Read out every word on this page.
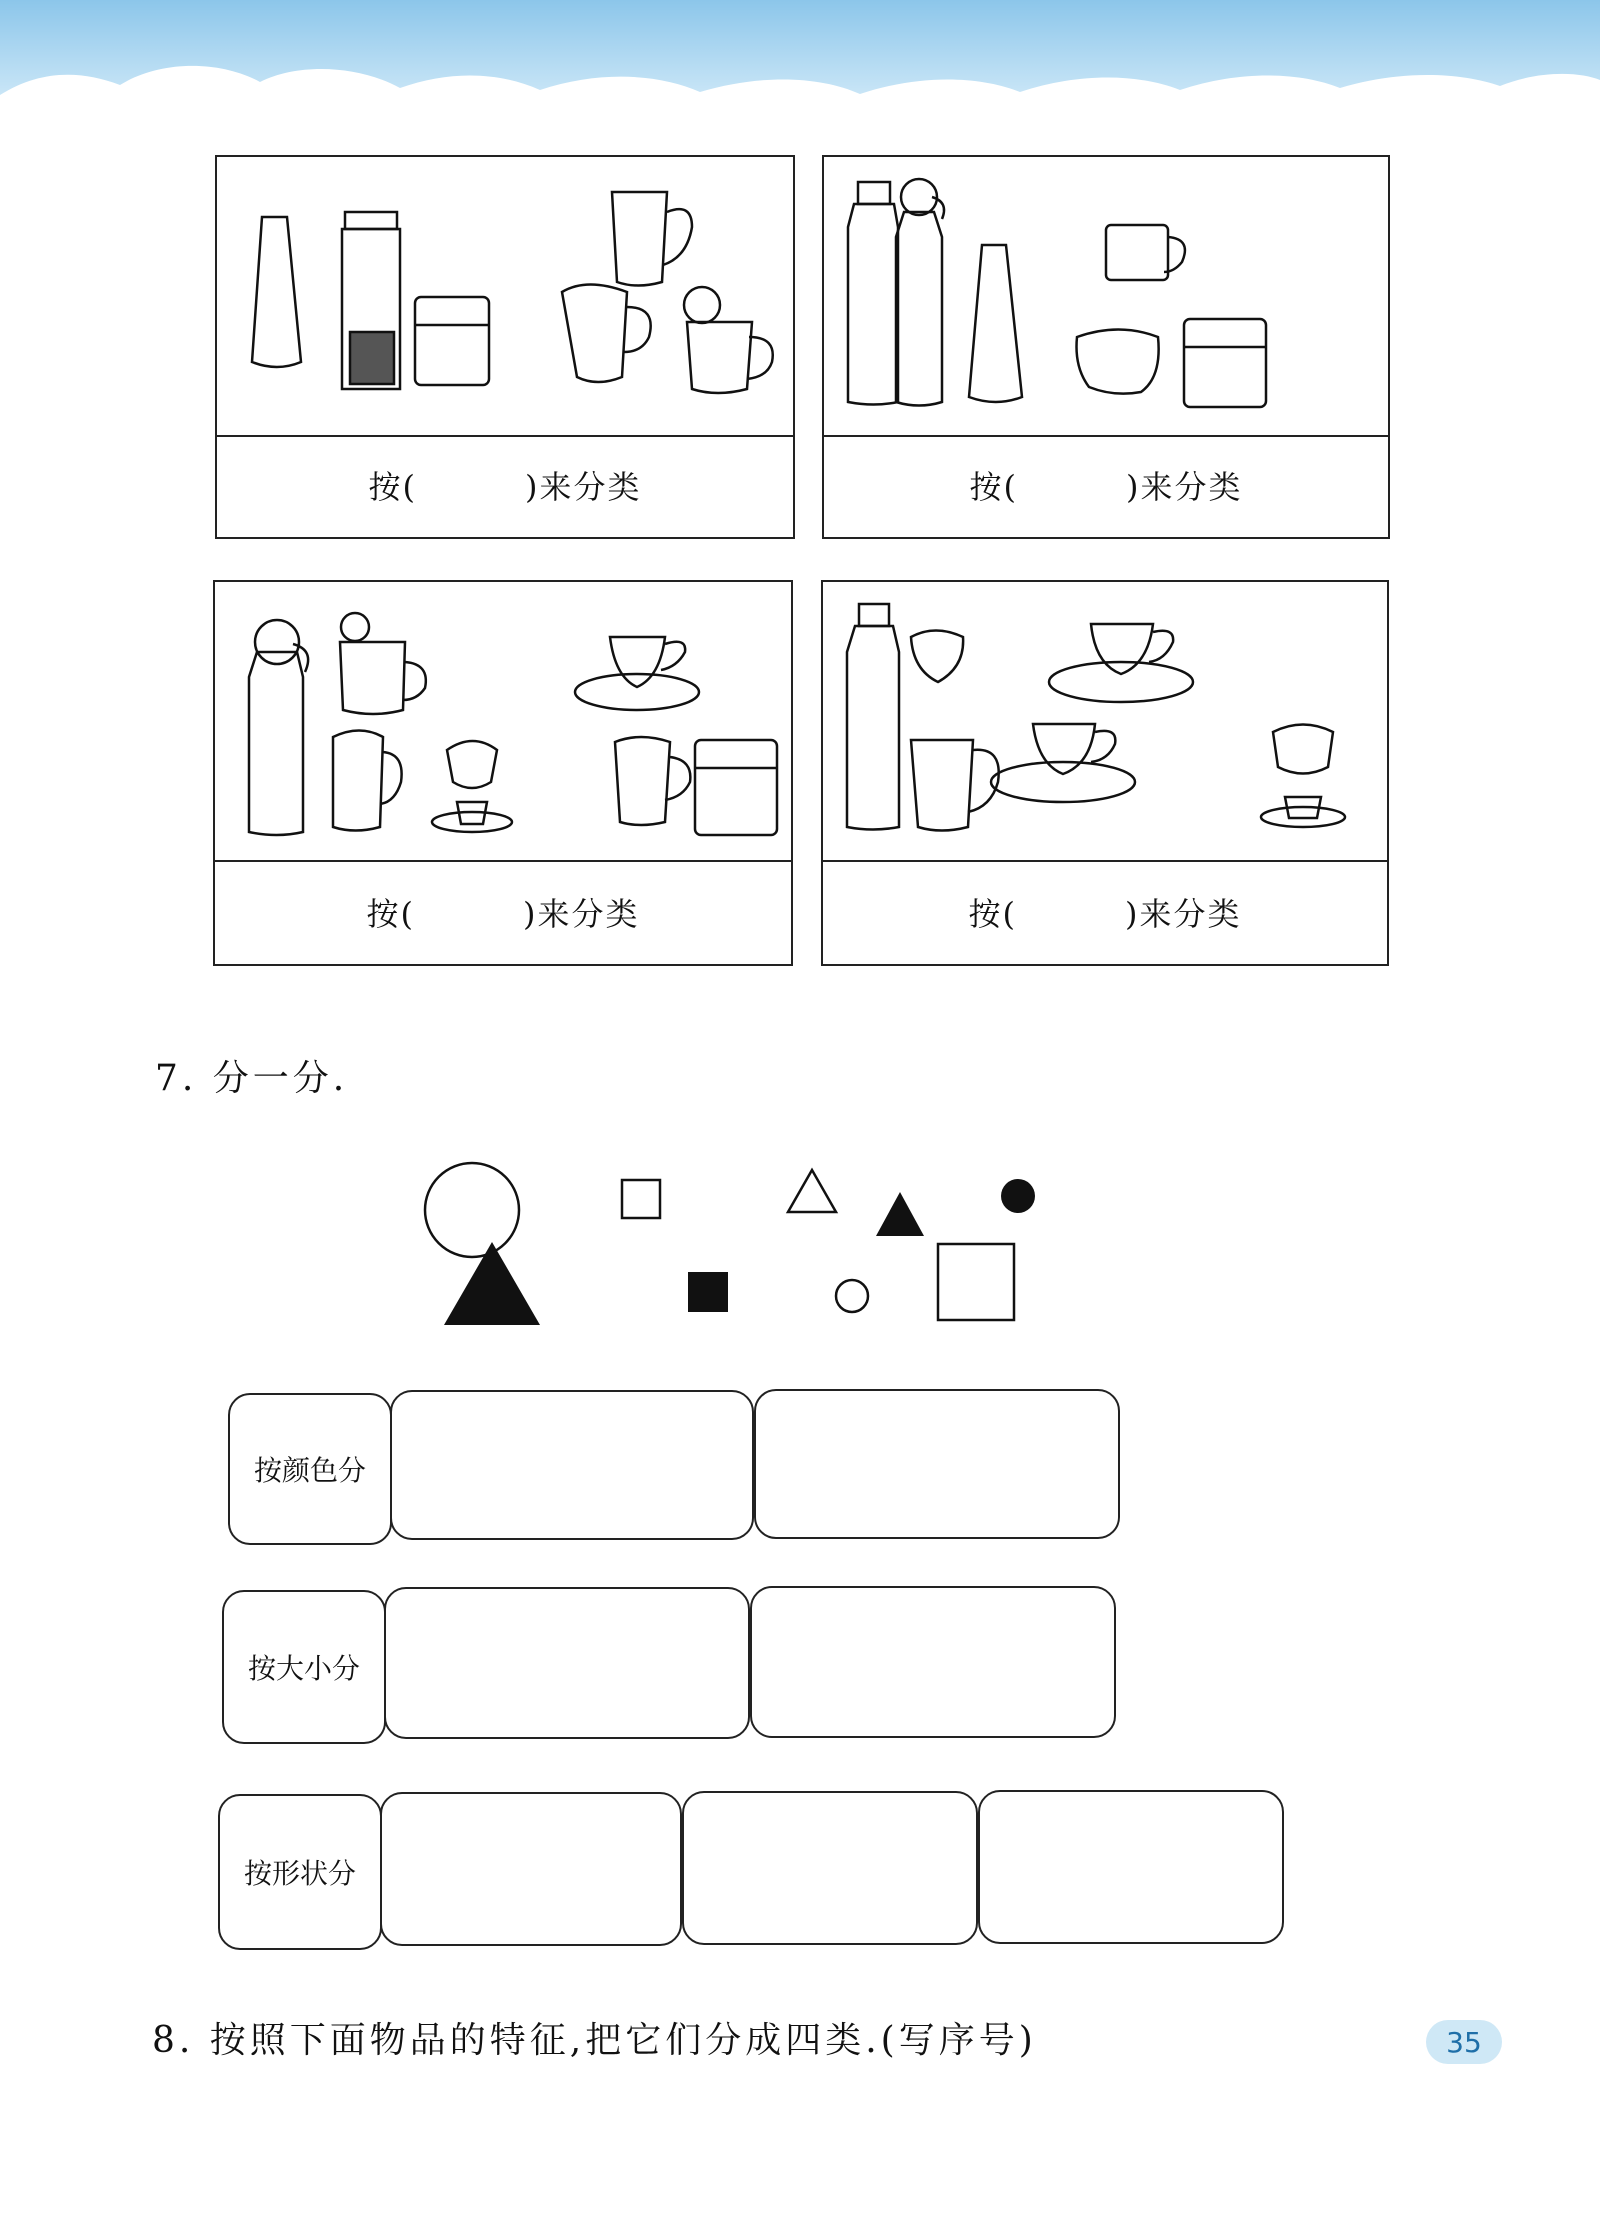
按(	)来分类	按(	)来分类
按(	)来分类	按(	)来分类
7. 分一分.
按颜色分
按大小分
按形状分
8. 按照下面物品的特征,把它们分成四类.(写序号)	35
